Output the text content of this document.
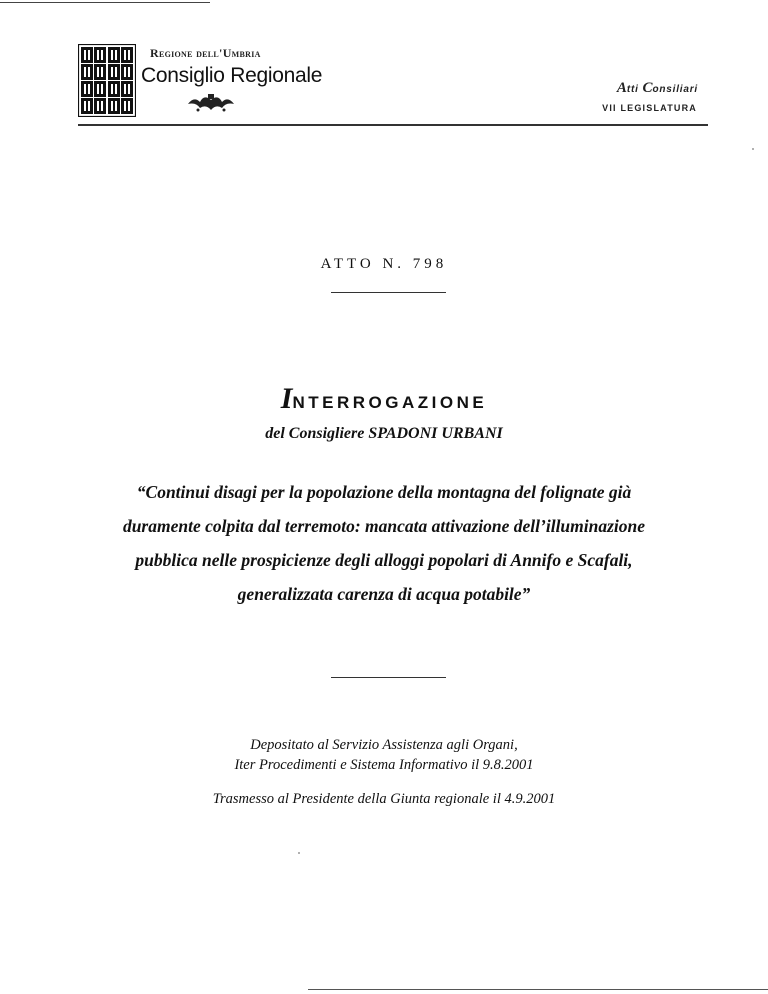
Regione dell'Umbria
Consiglio Regionale
Atti Consiliari
VII LEGISLATURA
ATTO N. 798
INTERROGAZIONE
del Consigliere SPADONI URBANI
“Continui disagi per la popolazione della montagna del folignate già
duramente colpita dal terremoto: mancata attivazione dell’illuminazione
pubblica nelle prospicienze degli alloggi popolari di Annifo e Scafali,
generalizzata carenza di acqua potabile”
Depositato al Servizio Assistenza agli Organi,
Iter Procedimenti e Sistema Informativo il 9.8.2001
Trasmesso al Presidente della Giunta regionale il 4.9.2001
